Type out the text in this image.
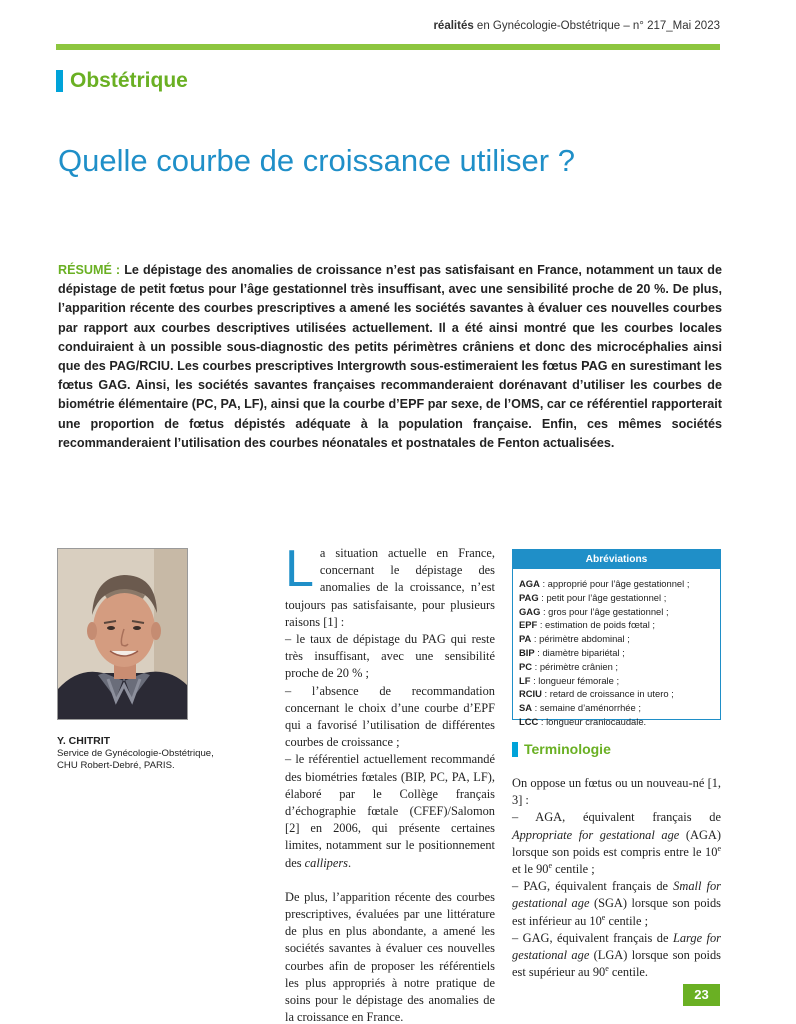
réalités en Gynécologie-Obstétrique – n° 217_Mai 2023
Obstétrique
Quelle courbe de croissance utiliser ?
RÉSUMÉ : Le dépistage des anomalies de croissance n’est pas satisfaisant en France, notamment un taux de dépistage de petit fœtus pour l’âge gestationnel très insuffisant, avec une sensibilité proche de 20 %. De plus, l’apparition récente des courbes prescriptives a amené les sociétés savantes à évaluer ces nouvelles courbes par rapport aux courbes descriptives utilisées actuellement. Il a été ainsi montré que les courbes locales conduiraient à un possible sous-diagnostic des petits périmètres crâniens et donc des microcéphalies ainsi que des PAG/RCIU. Les courbes prescriptives Intergrowth sous-estimeraient les fœtus PAG en surestimant les fœtus GAG. Ainsi, les sociétés savantes françaises recommanderaient dorénavant d’utiliser les courbes de biométrie élémentaire (PC, PA, LF), ainsi que la courbe d’EPF par sexe, de l’OMS, car ce référentiel rapporterait une proportion de fœtus dépistés adéquate à la population française. Enfin, ces mêmes sociétés recommanderaient l’utilisation des courbes néonatales et postnatales de Fenton actualisées.
Y. CHITRIT
Service de Gynécologie-Obstétrique,
CHU Robert-Debré, PARIS.

La situation actuelle en France, concernant le dépistage des anomalies de la croissance, n’est toujours pas satisfaisante, pour plusieurs raisons [1] :

– le taux de dépistage du PAG qui reste très insuffisant, avec une sensibilité proche de 20 % ;

– l’absence de recommandation concernant le choix d’une courbe d’EPF qui a favorisé l’utilisation de différentes courbes de croissance ;

– le référentiel actuellement recommandé des biométries fœtales (BIP, PC, PA, LF), élaboré par le Collège français d’échographie fœtale (CFEF)/Salomon [2] en 2006, qui présente certaines limites, notamment sur le positionnement des callipers.

De plus, l’apparition récente des courbes prescriptives, évaluées par une littérature de plus en plus abondante, a amené les sociétés savantes à évaluer ces nouvelles courbes afin de proposer les référentiels les plus appropriés à notre pratique de soins pour le dépistage des anomalies de la croissance en France.

Abréviations
AGA : approprié pour l’âge gestationnel ;
PAG : petit pour l’âge gestationnel ;
GAG : gros pour l’âge gestationnel ;
EPF : estimation de poids fœtal ;
PA : périmètre abdominal ;
BIP : diamètre bipariétal ;
PC : périmètre crânien ;
LF : longueur fémorale ;
RCIU : retard de croissance in utero ;
SA : semaine d’aménorrhée ;
LCC : longueur craniocaudale.
Terminologie

On oppose un fœtus ou un nouveau-né [1, 3] :

– AGA, équivalent français de Appropriate for gestational age (AGA) lorsque son poids est compris entre le 10e et le 90e centile ;

– PAG, équivalent français de Small for gestational age (SGA) lorsque son poids est inférieur au 10e centile ;

– GAG, équivalent français de Large for gestational age (LGA) lorsque son poids est supérieur au 90e centile.

23
